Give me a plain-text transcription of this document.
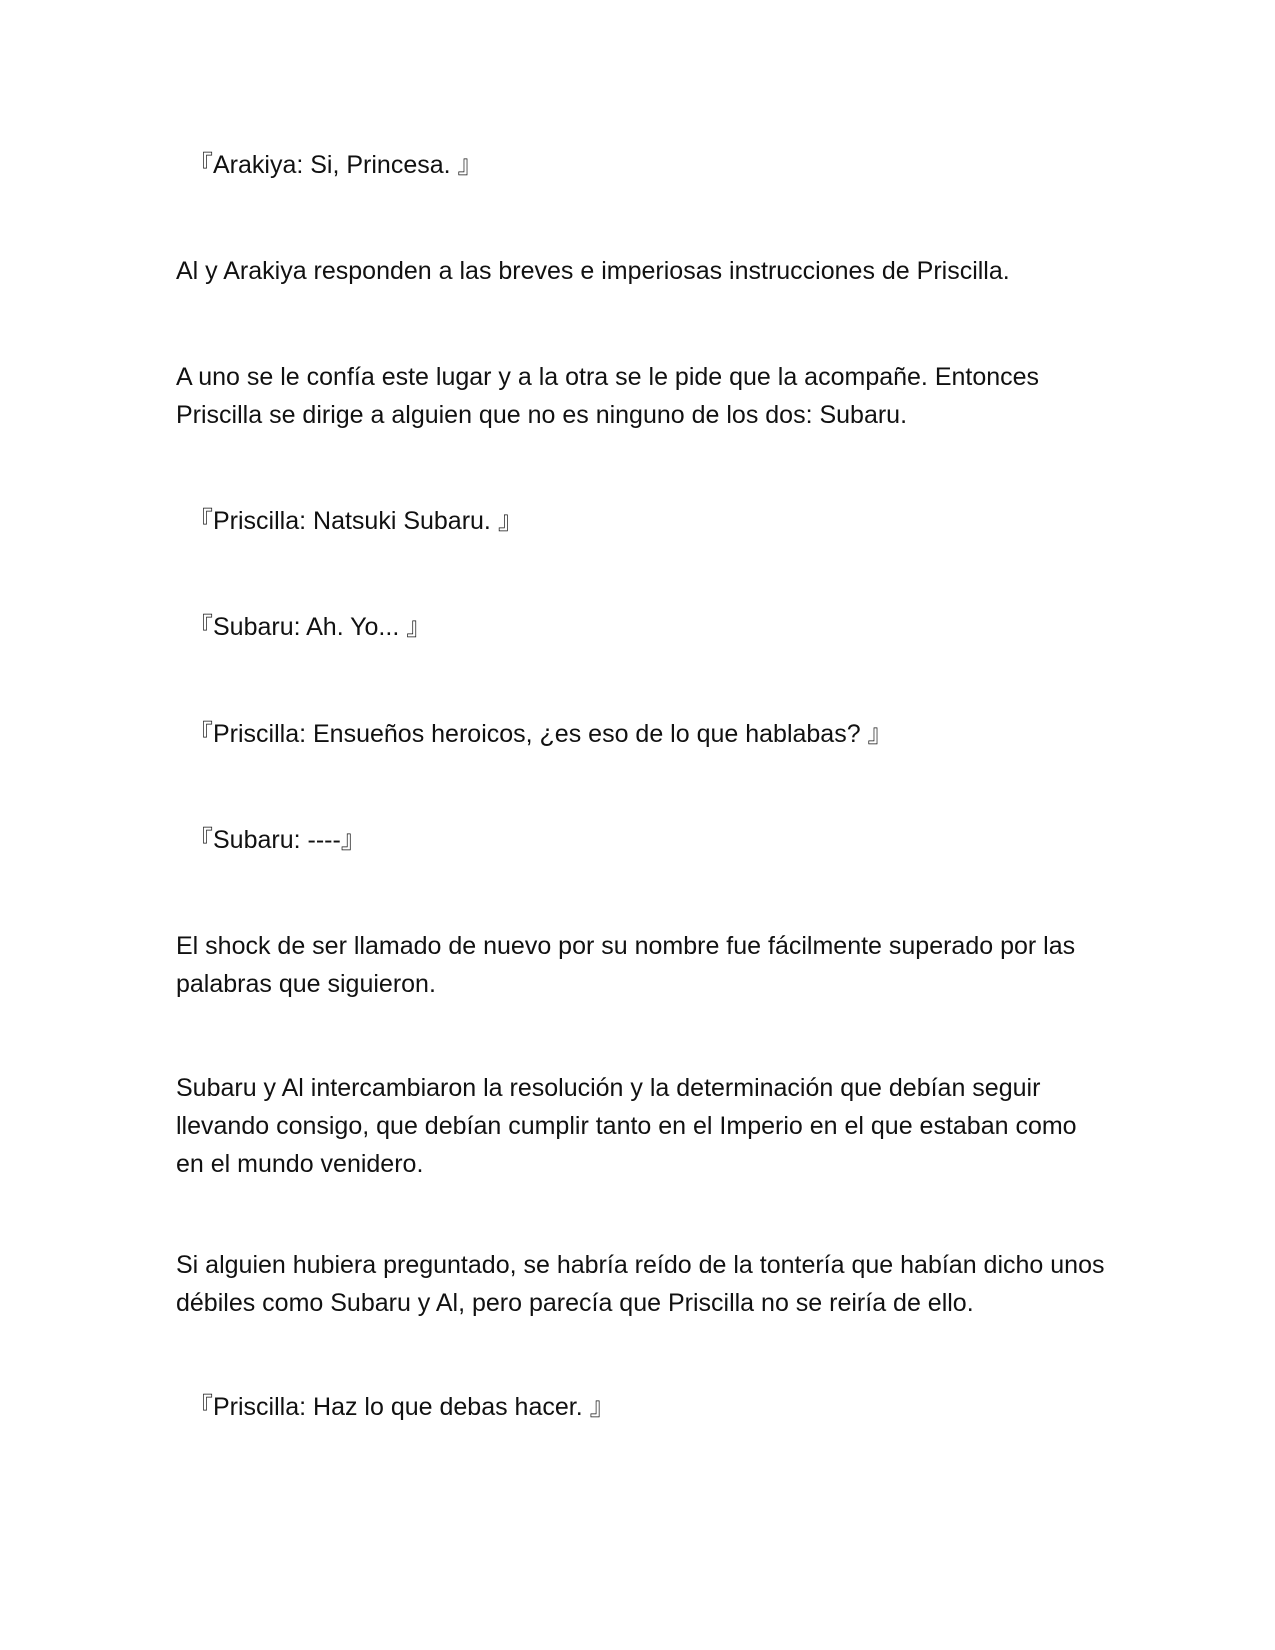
『Arakiya: Si, Princesa. 』

Al y Arakiya responden a las breves e imperiosas instrucciones de Priscilla.

A uno se le confía este lugar y a la otra se le pide que la acompañe. Entonces Priscilla se dirige a alguien que no es ninguno de los dos: Subaru.

『Priscilla: Natsuki Subaru. 』

『Subaru: Ah. Yo... 』

『Priscilla: Ensueños heroicos, ¿es eso de lo que hablabas? 』

『Subaru: ----』

El shock de ser llamado de nuevo por su nombre fue fácilmente superado por las palabras que siguieron.

Subaru y Al intercambiaron la resolución y la determinación que debían seguir llevando consigo, que debían cumplir tanto en el Imperio en el que estaban como en el mundo venidero.

Si alguien hubiera preguntado, se habría reído de la tontería que habían dicho unos débiles como Subaru y Al, pero parecía que Priscilla no se reiría de ello.

『Priscilla: Haz lo que debas hacer. 』
